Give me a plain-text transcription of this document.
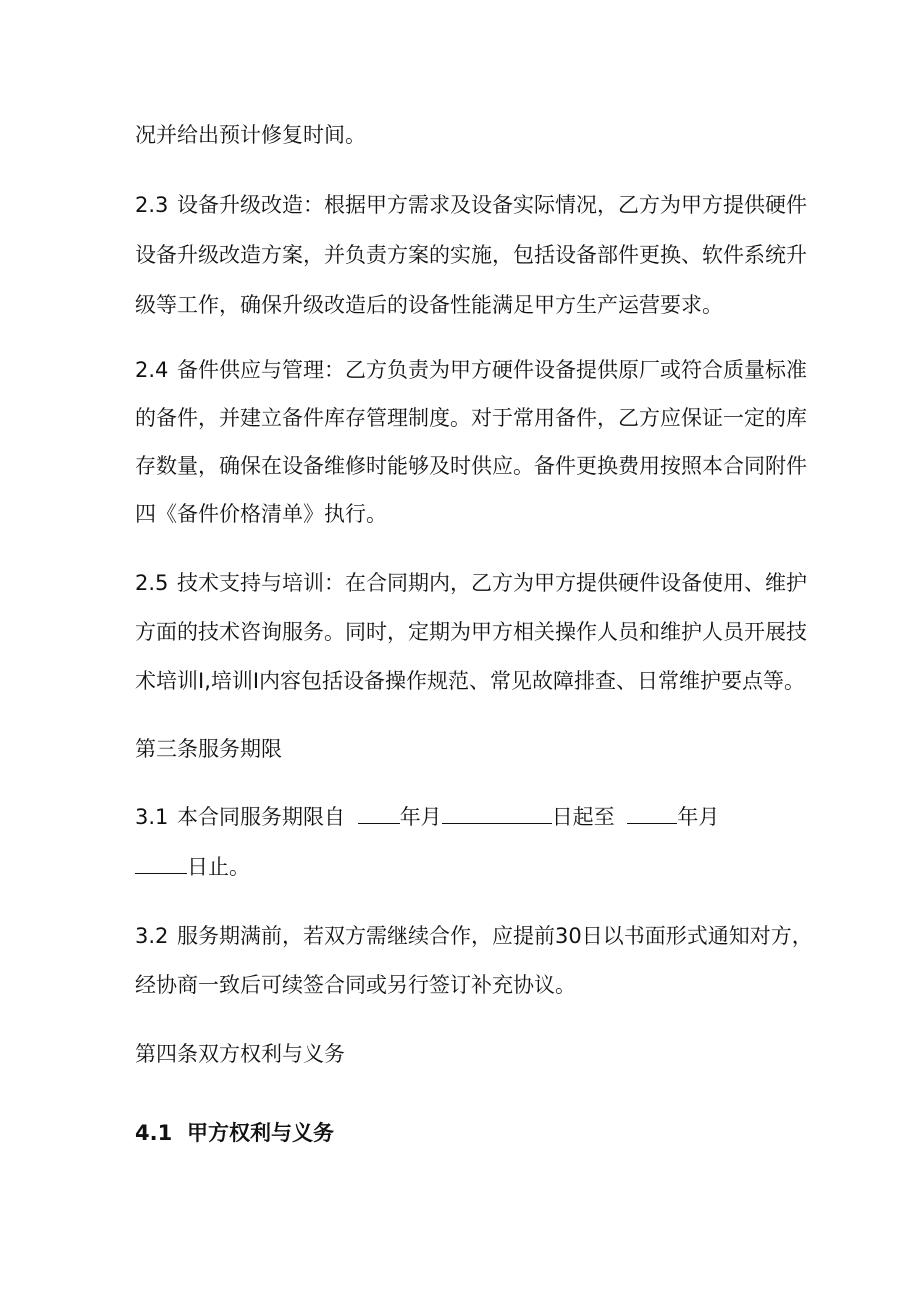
况并给出预计修复时间。
2.3 设备升级改造：根据甲方需求及设备实际情况，乙方为甲方提供硬件
设备升级改造方案，并负责方案的实施，包括设备部件更换、软件系统升
级等工作，确保升级改造后的设备性能满足甲方生产运营要求。
2.4 备件供应与管理：乙方负责为甲方硬件设备提供原厂或符合质量标准
的备件，并建立备件库存管理制度。对于常用备件，乙方应保证一定的库
存数量，确保在设备维修时能够及时供应。备件更换费用按照本合同附件
四《备件价格清单》执行。
2.5 技术支持与培训：在合同期内，乙方为甲方提供硬件设备使用、维护
方面的技术咨询服务。同时，定期为甲方相关操作人员和维护人员开展技
术培训I,培训I内容包括设备操作规范、常见故障排查、日常维护要点等。
第三条服务期限
3.1 本合同服务期限自	年月	日起至	年月
日止。
3.2 服务期满前，若双方需继续合作，应提前30日以书面形式通知对方，
经协商一致后可续签合同或另行签订补充协议。
第四条双方权利与义务
4.1 甲方权利与义务
